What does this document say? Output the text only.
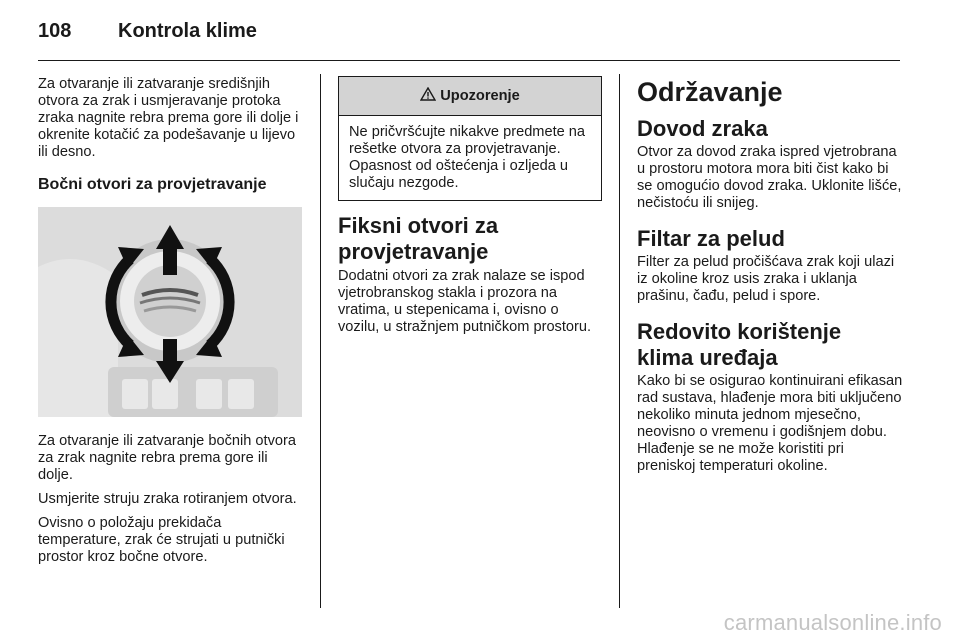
108 Kontrola klime

Za otvaranje ili zatvaranje središnjih otvora za zrak i usmjeravanje protoka zraka nagnite rebra prema gore ili dolje i okrenite kotačić za podešavanje u lijevo ili desno.

Bočni otvori za provjetravanje

Za otvaranje ili zatvaranje bočnih otvora za zrak nagnite rebra prema gore ili dolje.

Usmjerite struju zraka rotiranjem otvora.

Ovisno o položaju prekidača temperature, zrak će strujati u putnički prostor kroz bočne otvore.

Upozorenje

Ne pričvršćujte nikakve predmete na rešetke otvora za provjetravanje. Opasnost od oštećenja i ozljeda u slučaju nezgode.

Fiksni otvori za provjetravanje

Dodatni otvori za zrak nalaze se ispod vjetrobranskog stakla i prozora na vratima, u stepenicama i, ovisno o vozilu, u stražnjem putničkom prostoru.

Održavanje
Dovod zraka

Otvor za dovod zraka ispred vjetrobrana u prostoru motora mora biti čist kako bi se omogućio dovod zraka. Uklonite lišće, nečistoću ili snijeg.

Filtar za pelud

Filter za pelud pročišćava zrak koji ulazi iz okoline kroz usis zraka i uklanja prašinu, čađu, pelud i spore.

Redovito korištenje klima uređaja

Kako bi se osigurao kontinuirani efikasan rad sustava, hlađenje mora biti uključeno nekoliko minuta jednom mjesečno, neovisno o vremenu i godišnjem dobu. Hlađenje se ne može koristiti pri preniskoj temperaturi okoline.

carmanualsonline.info
